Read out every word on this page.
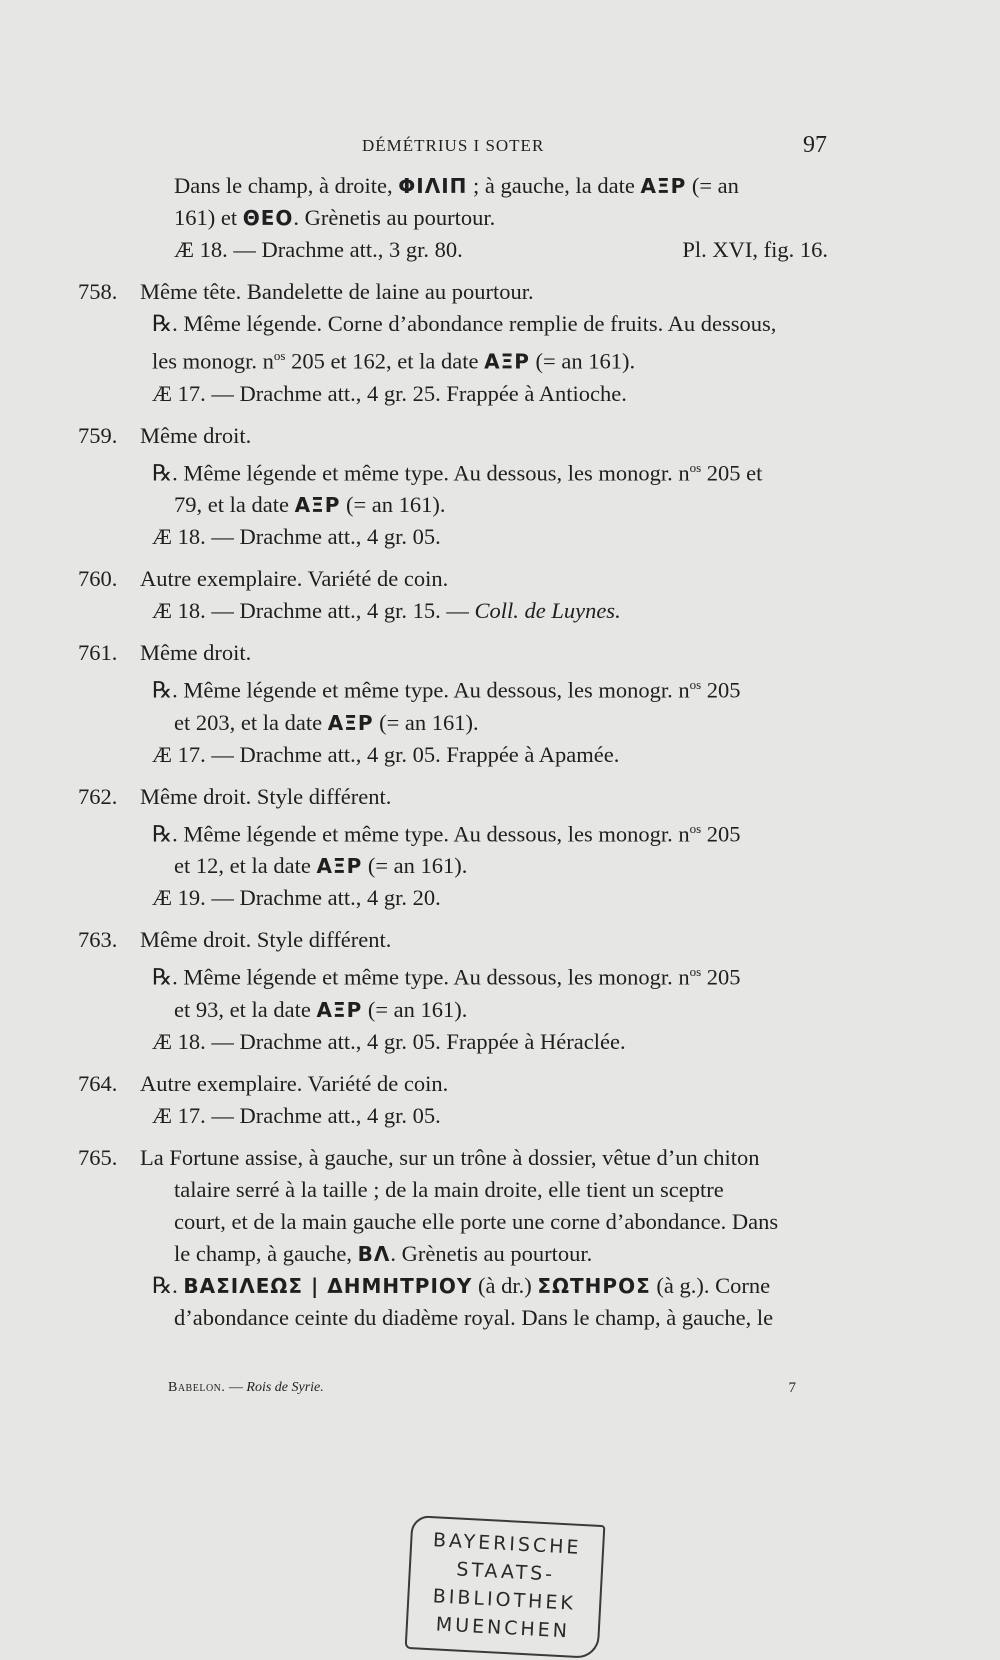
DÉMÉTRIUS I SOTER	97
Dans le champ, à droite, ΦΙΛΙΠ ; à gauche, la date ΑΞΡ (= an
161) et ΘΕΟ. Grènetis au pourtour.
Æ 18. — Drachme att., 3 gr. 80.	Pl. XVI, fig. 16.
758. Même tête. Bandelette de laine au pourtour.
℞. Même légende. Corne d’abondance remplie de fruits. Au dessous,
les monogr. $n^{os}$ 205 et 162, et la date ΑΞΡ (= an 161).
Æ 17. — Drachme att., 4 gr. 25. Frappée à Antioche.
759. Même droit.
℞. Même légende et même type. Au dessous, les monogr. $n^{os}$ 205 et
79, et la date ΑΞΡ (= an 161).
Æ 18. — Drachme att., 4 gr. 05.
760. Autre exemplaire. Variété de coin.
Æ 18. — Drachme att., 4 gr. 15. — Coll. de Luynes.
761. Même droit.
℞. Même légende et même type. Au dessous, les monogr. $n^{os}$ 205
et 203, et la date ΑΞΡ (= an 161).
Æ 17. — Drachme att., 4 gr. 05. Frappée à Apamée.
762. Même droit. Style différent.
℞. Même légende et même type. Au dessous, les monogr. $n^{os}$ 205
et 12, et la date ΑΞΡ (= an 161).
Æ 19. — Drachme att., 4 gr. 20.
763. Même droit. Style différent.
℞. Même légende et même type. Au dessous, les monogr. $n^{os}$ 205
et 93, et la date ΑΞΡ (= an 161).
Æ 18. — Drachme att., 4 gr. 05. Frappée à Héraclée.
764. Autre exemplaire. Variété de coin.
Æ 17. — Drachme att., 4 gr. 05.
765. La Fortune assise, à gauche, sur un trône à dossier, vêtue d’un chiton
talaire serré à la taille ; de la main droite, elle tient un sceptre
court, et de la main gauche elle porte une corne d’abondance. Dans
le champ, à gauche, ΒΛ. Grènetis au pourtour.
℞. ΒΑΣΙΛΕΩΣ | ΔΗΜΗΤΡΙΟΥ (à dr.) ΣΩΤΗΡΟΣ (à g.). Corne
d’abondance ceinte du diadème royal. Dans le champ, à gauche, le
Babelon. — Rois de Syrie.	7
BAYERISCHE
STAATS-
BIBLIOTHEK
MUENCHEN
